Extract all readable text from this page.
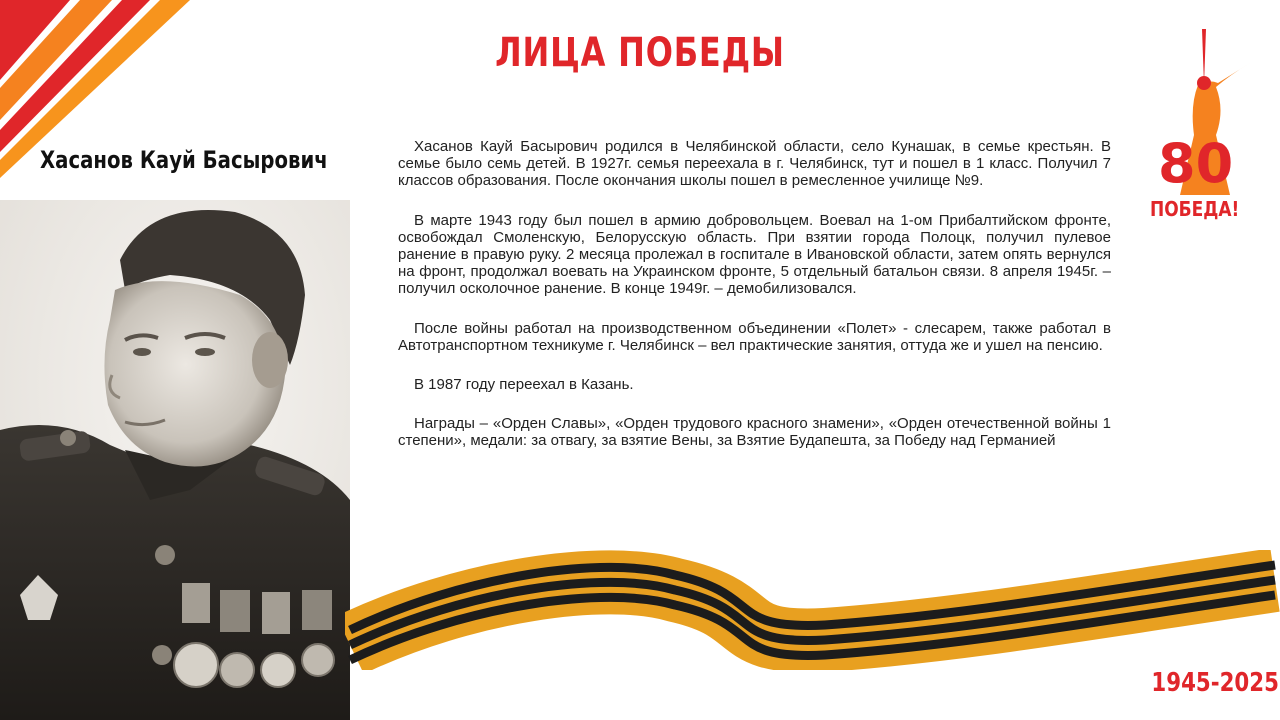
ЛИЦА ПОБЕДЫ
Хасанов Кауй Басырович	Хасанов Кауй Басырович родился в Челябинской области, село Кунашак, в семье крестьян. В семье было семь детей. В 1927г. семья переехала в г. Челябинск, тут и пошел в 1 класс. Получил 7 классов образования. После окончания школы пошел в ремесленное училище №9.

В марте 1943 году был пошел в армию добровольцем. Воевал на 1-ом Прибалтийском фронте, освобождал Смоленскую, Белорусскую область. При взятии города Полоцк, получил пулевое ранение в правую руку. 2 месяца пролежал в госпитале в Ивановской области, затем опять вернулся на фронт, продолжал воевать на Украинском фронте, 5 отдельный батальон связи. 8 апреля 1945г. – получил осколочное ранение. В конце 1949г. – демобилизовался.

После войны работал на производственном объединении «Полет» - слесарем, также работал в Автотранспортном техникуме г. Челябинск – вел практические занятия, оттуда же и ушел на пенсию.

В 1987 году переехал в Казань.

Награды – «Орден Славы», «Орден трудового красного знамени», «Орден отечественной войны 1 степени», медали: за отвагу, за взятие Вены, за Взятие Будапешта, за Победу над Германией

80
ПОБЕДА!
1945-2025
